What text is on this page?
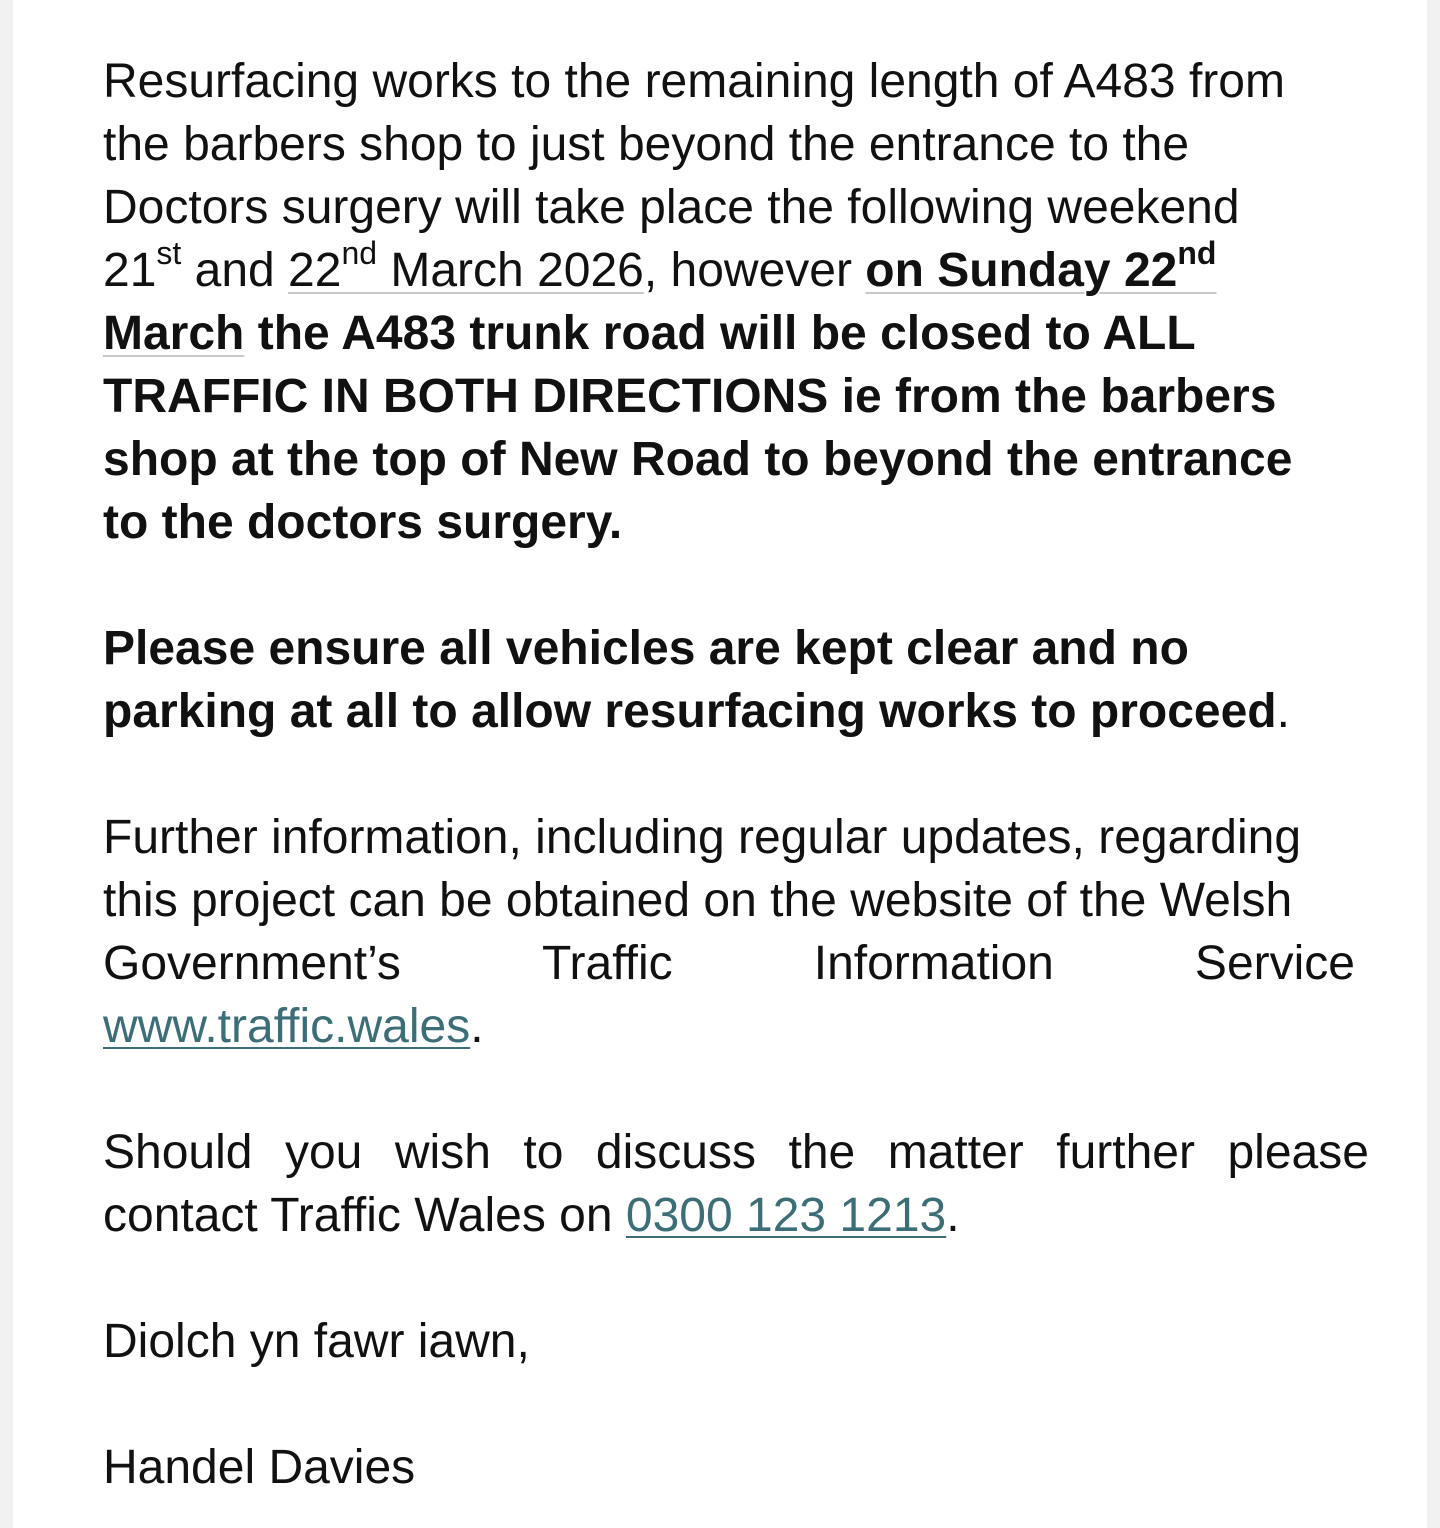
Resurfacing works to the remaining length of A483 from

the barbers shop to just beyond the entrance to the

Doctors surgery will take place the following weekend

21st and 22nd March 2026, however on Sunday 22nd

March the A483 trunk road will be closed to ALL

TRAFFIC IN BOTH DIRECTIONS ie from the barbers

shop at the top of New Road to beyond the entrance

to the doctors surgery.

Please ensure all vehicles are kept clear and no

parking at all to allow resurfacing works to proceed.

Further information, including regular updates, regarding

this project can be obtained on the website of the Welsh

Government’s	Traffic	Information	Service

www.traffic.wales.

Should you wish to discuss the matter further please

contact Traffic Wales on 0300 123 1213.

Diolch yn fawr iawn,

Handel Davies
